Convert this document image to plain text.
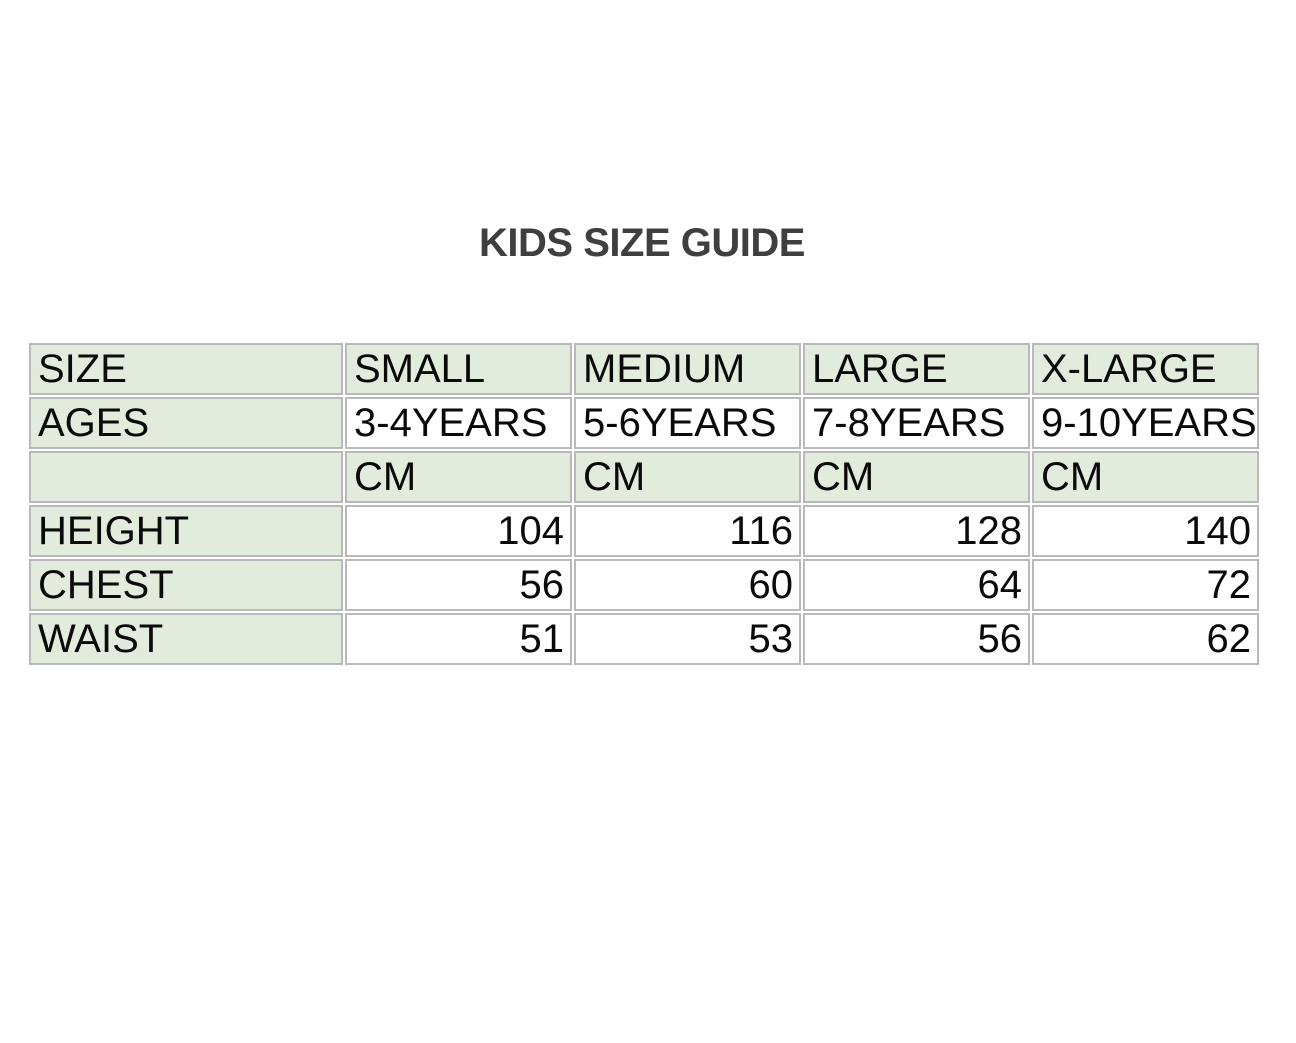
KIDS SIZE GUIDE
SIZE	SMALL	MEDIUM	LARGE	X-LARGE
AGES	3-4YEARS	5-6YEARS	7-8YEARS	9-10YEARS
	CM	CM	CM	CM
HEIGHT	104	116	128	140
CHEST	56	60	64	72
WAIST	51	53	56	62
